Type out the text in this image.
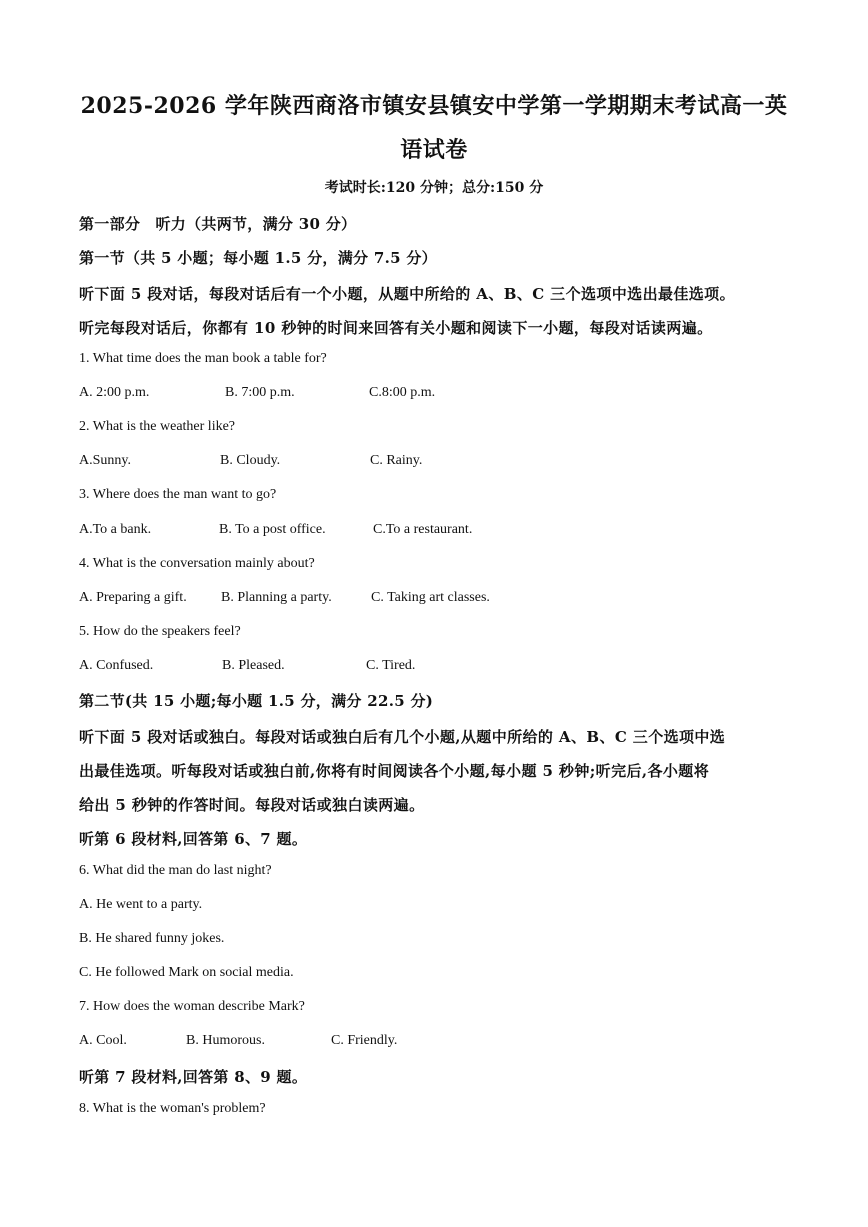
2025-2026 学年陕西商洛市镇安县镇安中学第一学期期末考试高一英
语试卷
考试时长:120 分钟；总分:150 分
第一部分　听力（共两节，满分 30 分）
第一节（共 5 小题；每小题 1.5 分，满分 7.5 分）
听下面 5 段对话，每段对话后有一个小题，从题中所给的 A、B、C 三个选项中选出最佳选项。
听完每段对话后，你都有 10 秒钟的时间来回答有关小题和阅读下一小题，每段对话读两遍。
1. What time does the man book a table for?
A. 2:00 p.m.	B. 7:00 p.m.	C.8:00 p.m.
2. What is the weather like?
A.Sunny.	B. Cloudy.	C. Rainy.
3. Where does the man want to go?
A.To a bank.	B. To a post office.	C.To a restaurant.
4. What is the conversation mainly about?
A. Preparing a gift. B. Planning a party.	C. Taking art classes.
5. How do the speakers feel?
A. Confused.	B. Pleased.	C. Tired.
第二节(共 15 小题;每小题 1.5 分，满分 22.5 分)
听下面 5 段对话或独白。每段对话或独白后有几个小题,从题中所给的 A、B、C 三个选项中选
出最佳选项。听每段对话或独白前,你将有时间阅读各个小题,每小题 5 秒钟;听完后,各小题将
给出 5 秒钟的作答时间。每段对话或独白读两遍。
听第 6 段材料,回答第 6、7 题。
6. What did the man do last night?
A. He went to a party.
B. He shared funny jokes.
C. He followed Mark on social media.
7. How does the woman describe Mark?
A. Cool.	B. Humorous.	C. Friendly.
听第 7 段材料,回答第 8、9 题。
8. What is the woman's problem?
